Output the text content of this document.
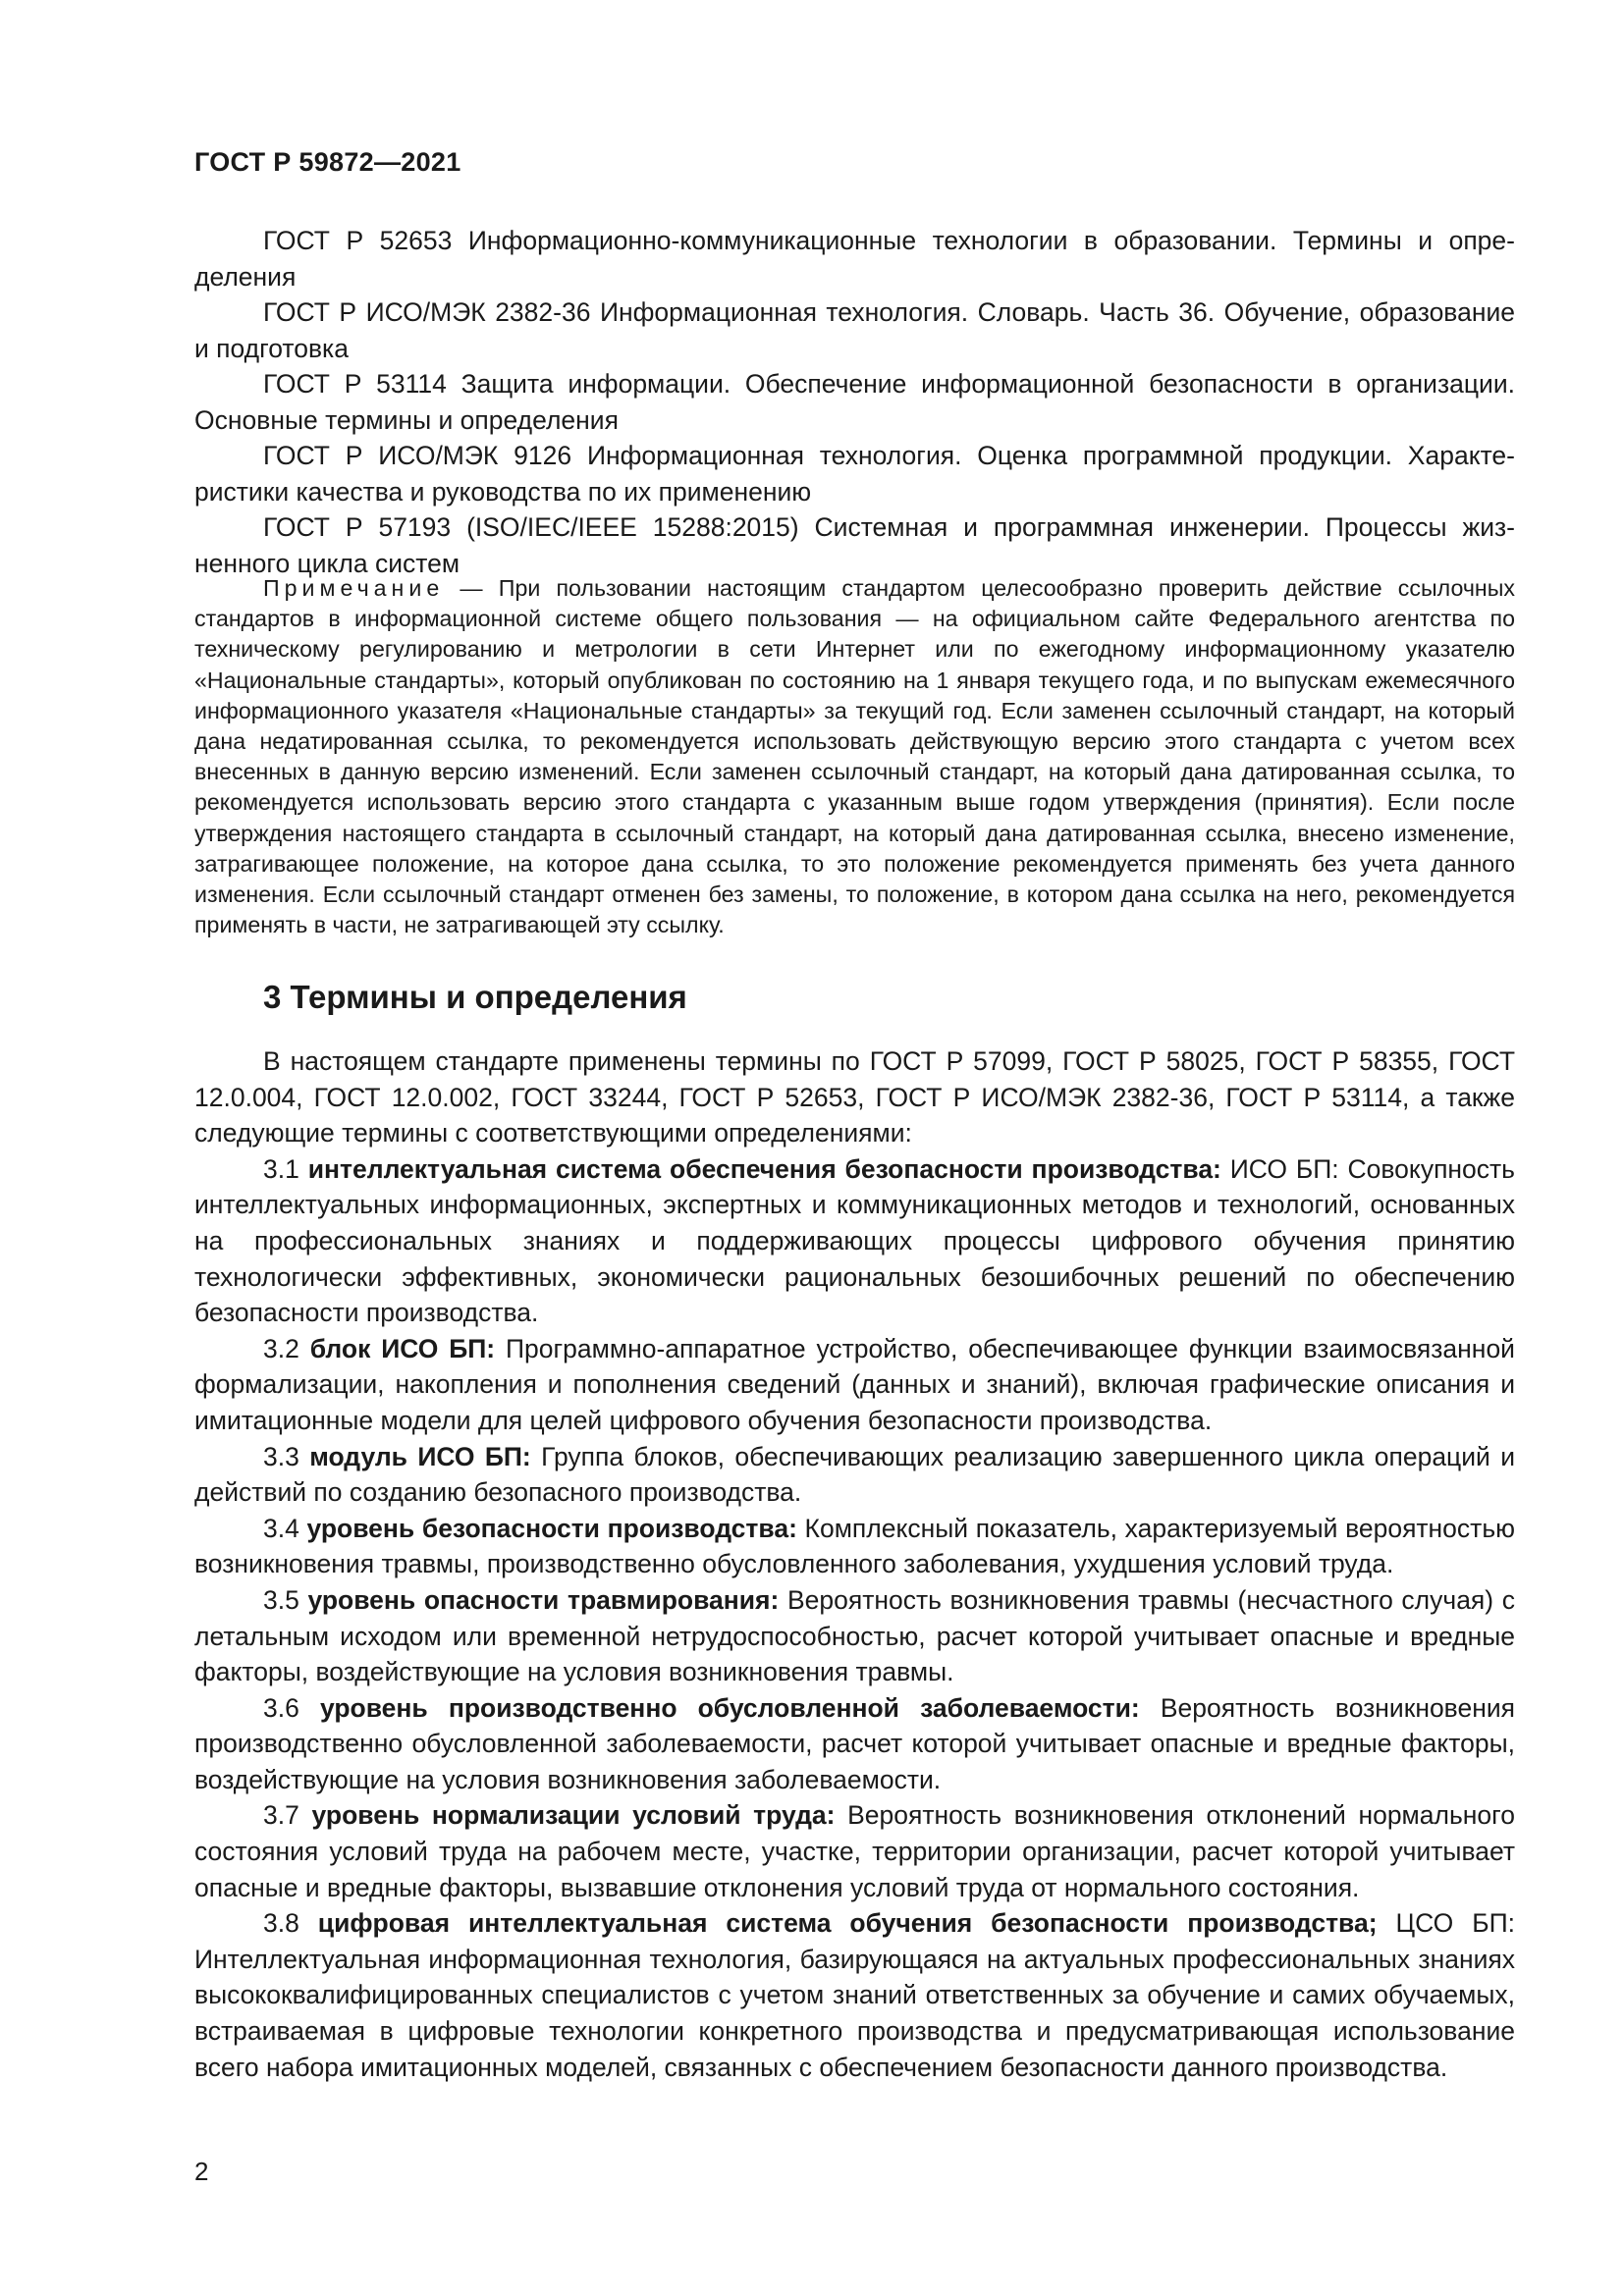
ГОСТ Р 59872—2021

ГОСТ Р 52653 Информационно-коммуникационные технологии в образовании. Термины и определения

ГОСТ Р ИСО/МЭК 2382-36 Информационная технология. Словарь. Часть 36. Обучение, образование и подготовка

ГОСТ Р 53114 Защита информации. Обеспечение информационной безопасности в организации. Основные термины и определения

ГОСТ Р ИСО/МЭК 9126 Информационная технология. Оценка программной продукции. Характеристики качества и руководства по их применению

ГОСТ Р 57193 (ISO/IEC/IEEE 15288:2015) Системная и программная инженерии. Процессы жизненного цикла систем

Примечание — При пользовании настоящим стандартом целесообразно проверить действие ссылочных стандартов в информационной системе общего пользования — на официальном сайте Федерального агентства по техническому регулированию и метрологии в сети Интернет или по ежегодному информационному указателю «Национальные стандарты», который опубликован по состоянию на 1 января текущего года, и по выпускам ежемесячного информационного указателя «Национальные стандарты» за текущий год. Если заменен ссылочный стандарт, на который дана недатированная ссылка, то рекомендуется использовать действующую версию этого стандарта с учетом всех внесенных в данную версию изменений. Если заменен ссылочный стандарт, на который дана датированная ссылка, то рекомендуется использовать версию этого стандарта с указанным выше годом утверждения (принятия). Если после утверждения настоящего стандарта в ссылочный стандарт, на который дана датированная ссылка, внесено изменение, затрагивающее положение, на которое дана ссылка, то это положение рекомендуется применять без учета данного изменения. Если ссылочный стандарт отменен без замены, то положение, в котором дана ссылка на него, рекомендуется применять в части, не затрагивающей эту ссылку.

3 Термины и определения

В настоящем стандарте применены термины по ГОСТ Р 57099, ГОСТ Р 58025, ГОСТ Р 58355, ГОСТ 12.0.004, ГОСТ 12.0.002, ГОСТ 33244, ГОСТ Р 52653, ГОСТ Р ИСО/МЭК 2382-36, ГОСТ Р 53114, а также следующие термины с соответствующими определениями:

3.1 интеллектуальная система обеспечения безопасности производства: ИСО БП: Совокупность интеллектуальных информационных, экспертных и коммуникационных методов и технологий, основанных на профессиональных знаниях и поддерживающих процессы цифрового обучения принятию технологически эффективных, экономически рациональных безошибочных решений по обеспечению безопасности производства.

3.2 блок ИСО БП: Программно-аппаратное устройство, обеспечивающее функции взаимосвязанной формализации, накопления и пополнения сведений (данных и знаний), включая графические описания и имитационные модели для целей цифрового обучения безопасности производства.

3.3 модуль ИСО БП: Группа блоков, обеспечивающих реализацию завершенного цикла операций и действий по созданию безопасного производства.

3.4 уровень безопасности производства: Комплексный показатель, характеризуемый вероятностью возникновения травмы, производственно обусловленного заболевания, ухудшения условий труда.

3.5 уровень опасности травмирования: Вероятность возникновения травмы (несчастного случая) с летальным исходом или временной нетрудоспособностью, расчет которой учитывает опасные и вредные факторы, воздействующие на условия возникновения травмы.

3.6 уровень производственно обусловленной заболеваемости: Вероятность возникновения производственно обусловленной заболеваемости, расчет которой учитывает опасные и вредные факторы, воздействующие на условия возникновения заболеваемости.

3.7 уровень нормализации условий труда: Вероятность возникновения отклонений нормального состояния условий труда на рабочем месте, участке, территории организации, расчет которой учитывает опасные и вредные факторы, вызвавшие отклонения условий труда от нормального состояния.

3.8 цифровая интеллектуальная система обучения безопасности производства; ЦСО БП: Интеллектуальная информационная технология, базирующаяся на актуальных профессиональных знаниях высококвалифицированных специалистов с учетом знаний ответственных за обучение и самих обучаемых, встраиваемая в цифровые технологии конкретного производства и предусматривающая использование всего набора имитационных моделей, связанных с обеспечением безопасности данного производства.

2
